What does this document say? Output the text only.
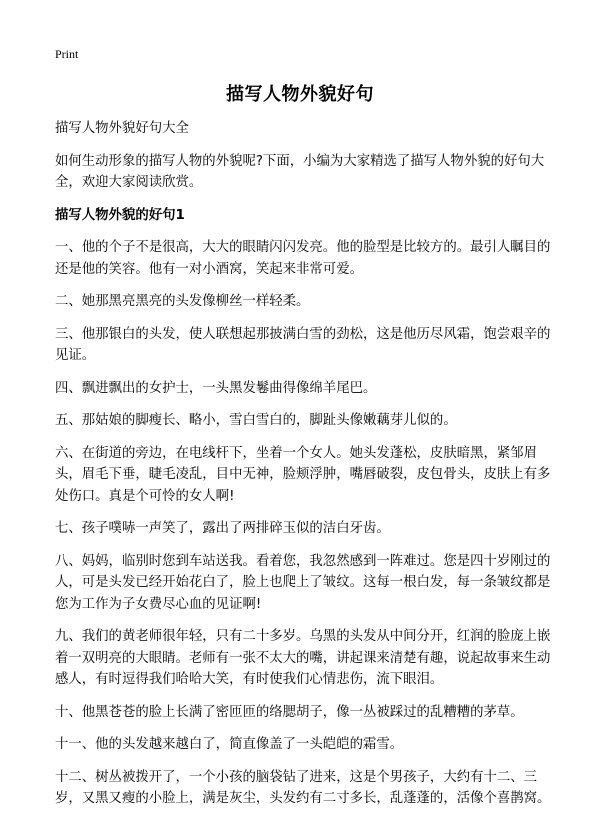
Print
描写人物外貌好句

描写人物外貌好句大全

如何生动形象的描写人物的外貌呢?下面，小编为大家精选了描写人物外貌的好句大全，欢迎大家阅读欣赏。

描写人物外貌的好句1

一、他的个子不是很高，大大的眼睛闪闪发亮。他的脸型是比较方的。最引人瞩目的还是他的笑容。他有一对小酒窝，笑起来非常可爱。

二、她那黑亮黑亮的头发像柳丝一样轻柔。

三、他那银白的头发，使人联想起那披满白雪的劲松，这是他历尽风霜，饱尝艰辛的见证。

四、飘进飘出的女护士，一头黑发鬈曲得像绵羊尾巴。

五、那姑娘的脚瘦长、略小，雪白雪白的，脚趾头像嫩藕芽儿似的。

六、在街道的旁边，在电线杆下，坐着一个女人。她头发蓬松，皮肤暗黑，紧邹眉头，眉毛下垂，睫毛凌乱，目中无神，脸颊浮肿，嘴唇破裂，皮包骨头，皮肤上有多处伤口。真是个可怜的女人啊!

七、孩子噗哧一声笑了，露出了两排碎玉似的洁白牙齿。

八、妈妈，临别时您到车站送我。看着您，我忽然感到一阵难过。您是四十岁刚过的人，可是头发已经开始花白了，脸上也爬上了皱纹。这每一根白发，每一条皱纹都是您为工作为子女费尽心血的见证啊!

九、我们的黄老师很年轻，只有二十多岁。乌黑的头发从中间分开，红润的脸庞上嵌着一双明亮的大眼睛。老师有一张不太大的嘴，讲起课来清楚有趣，说起故事来生动感人，有时逗得我们哈哈大笑，有时使我们心情悲伤，流下眼泪。

十、他黑苍苍的脸上长满了密匝匝的络腮胡子，像一丛被踩过的乱糟糟的茅草。

十一、他的头发越来越白了，简直像盖了一头皑皑的霜雪。

十二、树丛被拨开了，一个小孩的脑袋钻了进来，这是个男孩子，大约有十二、三岁，又黑又瘦的小脸上，满是灰尘，头发约有二寸多长，乱蓬蓬的，活像个喜鹊窝。
